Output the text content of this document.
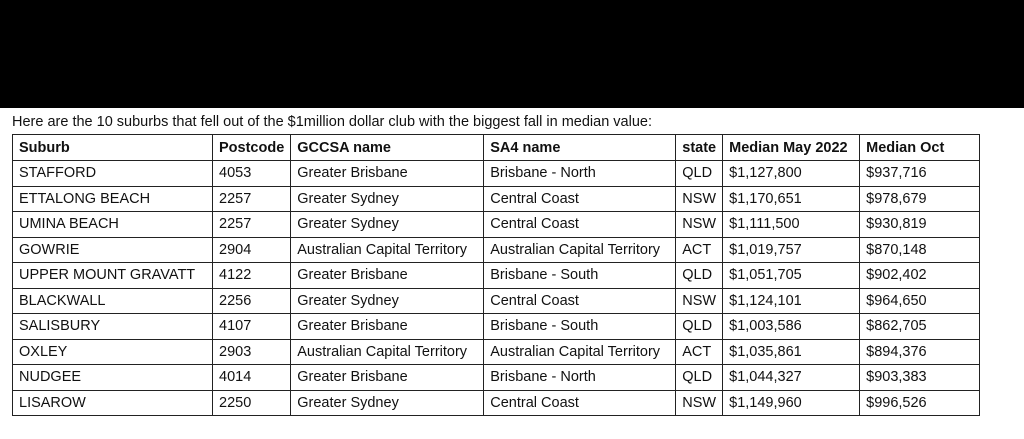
Here are the 10 suburbs that fell out of the $1million dollar club with the biggest fall in median value:
Suburb	Postcode	GCCSA name	SA4 name	state	Median May 2022	Median Oct
STAFFORD	4053	Greater Brisbane	Brisbane - North	QLD	$1,127,800	$937,716
ETTALONG BEACH	2257	Greater Sydney	Central Coast	NSW	$1,170,651	$978,679
UMINA BEACH	2257	Greater Sydney	Central Coast	NSW	$1,111,500	$930,819
GOWRIE	2904	Australian Capital Territory	Australian Capital Territory	ACT	$1,019,757	$870,148
UPPER MOUNT GRAVATT	4122	Greater Brisbane	Brisbane - South	QLD	$1,051,705	$902,402
BLACKWALL	2256	Greater Sydney	Central Coast	NSW	$1,124,101	$964,650
SALISBURY	4107	Greater Brisbane	Brisbane - South	QLD	$1,003,586	$862,705
OXLEY	2903	Australian Capital Territory	Australian Capital Territory	ACT	$1,035,861	$894,376
NUDGEE	4014	Greater Brisbane	Brisbane - North	QLD	$1,044,327	$903,383
LISAROW	2250	Greater Sydney	Central Coast	NSW	$1,149,960	$996,526
